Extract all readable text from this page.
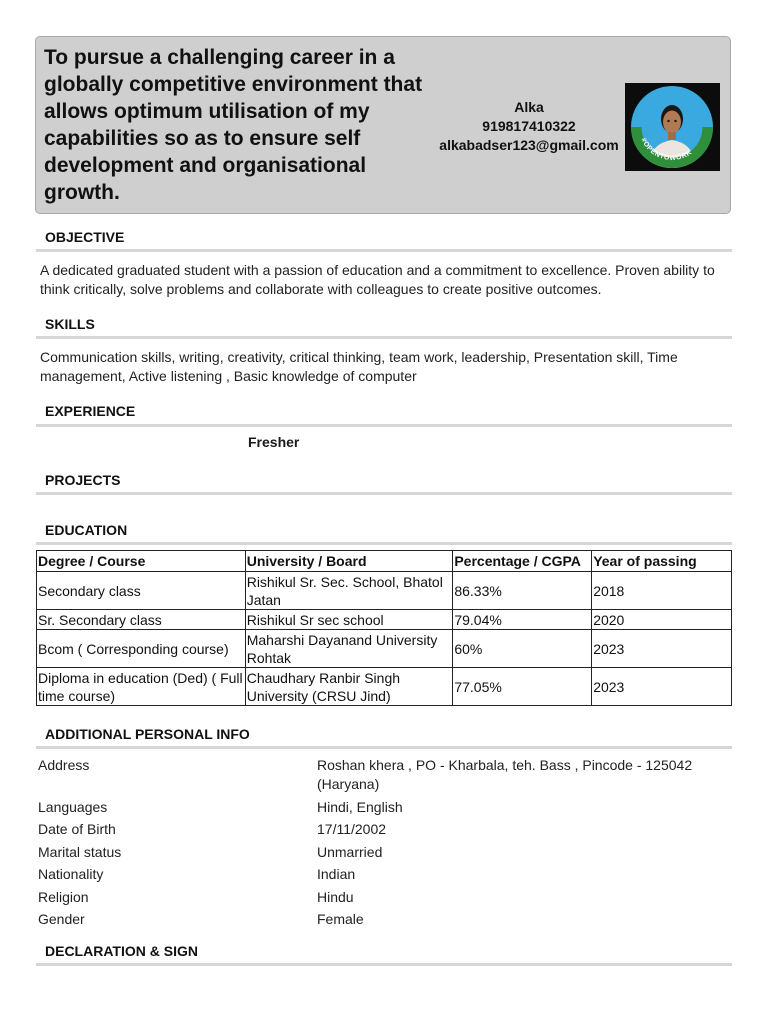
To pursue a challenging career in a globally competitive environment that allows optimum utilisation of my capabilities so as to ensure self development and organisational growth.
Alka
919817410322
alkabadser123@gmail.com	#OPENTOWORK
OBJECTIVE
A dedicated graduated student with a passion of education and a commitment to excellence. Proven ability to think critically, solve problems and collaborate with colleagues to create positive outcomes.
SKILLS
Communication skills, writing, creativity, critical thinking, team work, leadership, Presentation skill, Time management, Active listening , Basic knowledge of computer
EXPERIENCE
Fresher
PROJECTS
EDUCATION
Degree / Course	University / Board	Percentage / CGPA	Year of passing
Secondary class	Rishikul Sr. Sec. School, Bhatol Jatan	86.33%	2018
Sr. Secondary class	Rishikul Sr sec school	79.04%	2020
Bcom ( Corresponding course)	Maharshi Dayanand University Rohtak	60%	2023
Diploma in education (Ded) ( Full time course)	Chaudhary Ranbir Singh University (CRSU Jind)	77.05%	2023
ADDITIONAL PERSONAL INFO
Address	Roshan khera , PO - Kharbala, teh. Bass , Pincode - 125042 (Haryana)
Languages	Hindi, English
Date of Birth	17/11/2002
Marital status	Unmarried
Nationality	Indian
Religion	Hindu
Gender	Female
DECLARATION & SIGN
